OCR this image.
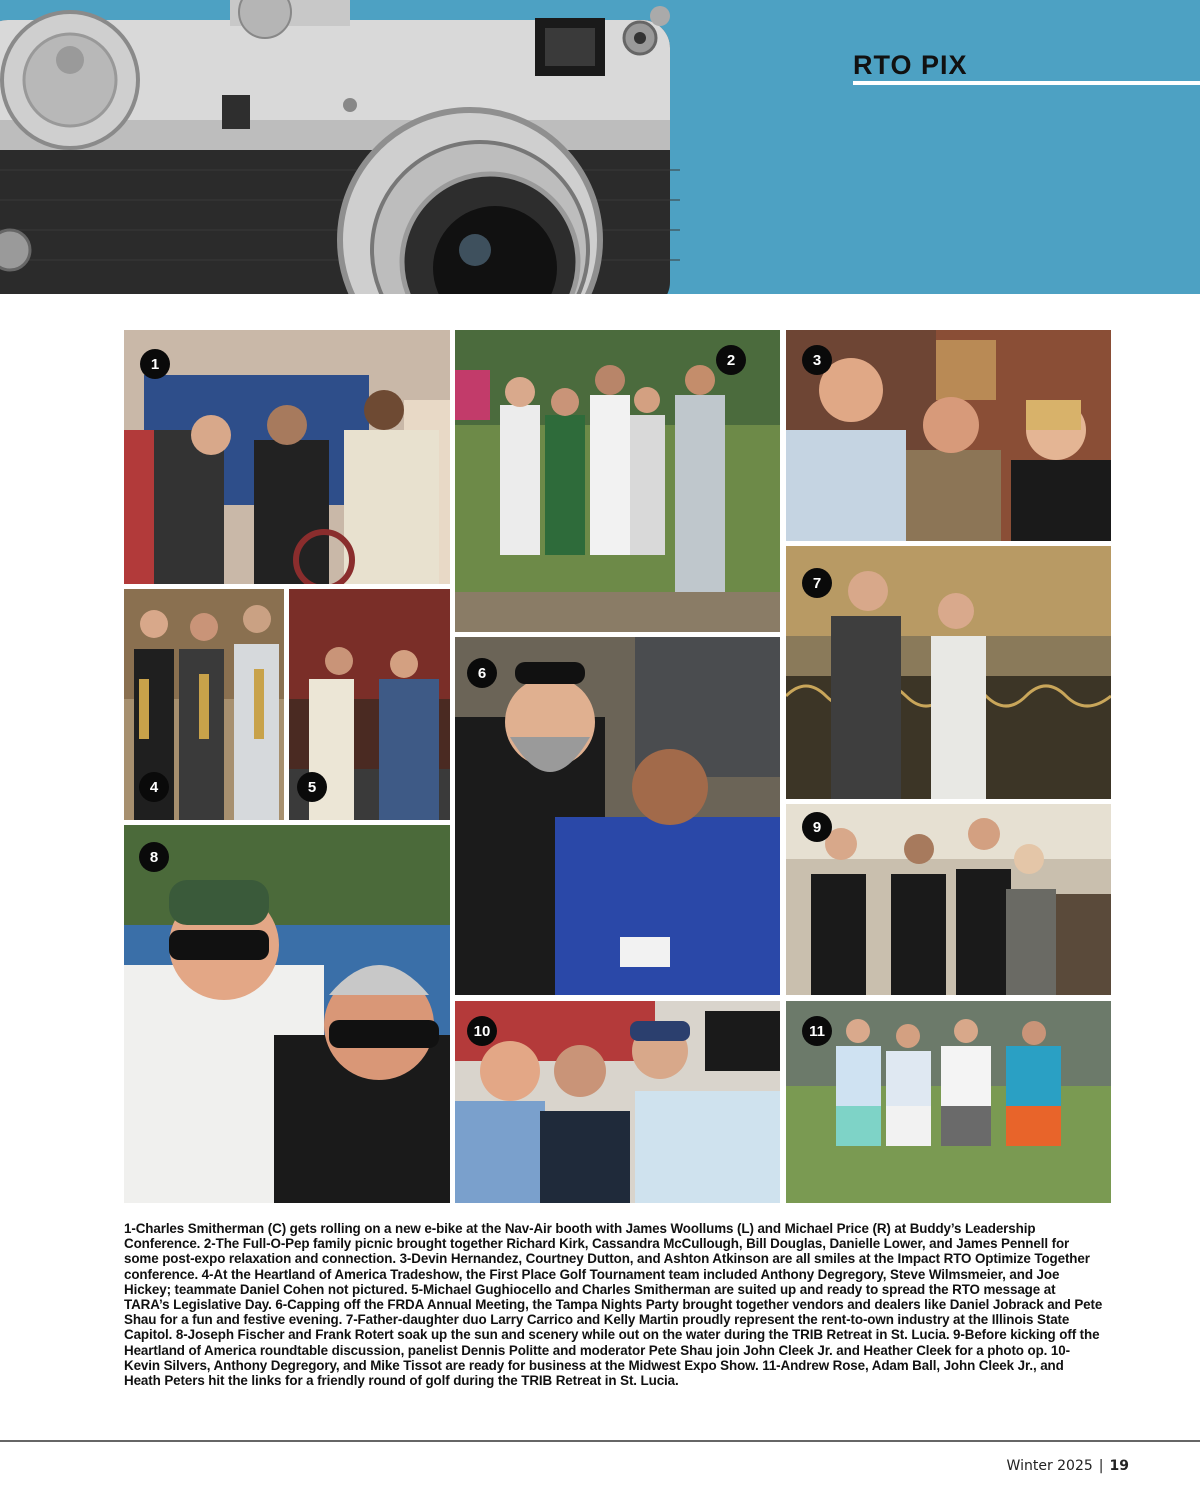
RTO PIX
1	2	3
4	5
6
7
8
9
10	11

1-Charles Smitherman (C) gets rolling on a new e-bike at the Nav-Air booth with James Woollums (L) and Michael Price (R) at Buddy’s Leadership Conference. 2-The Full-O-Pep family picnic brought together Richard Kirk, Cassandra McCullough, Bill Douglas, Danielle Lower, and James Pennell for some post-expo relaxation and connection. 3-Devin Hernandez, Courtney Dutton, and Ashton Atkinson are all smiles at the Impact RTO Optimize Together conference. 4-At the Heartland of America Tradeshow, the First Place Golf Tournament team included Anthony Degregory, Steve Wilmsmeier, and Joe Hickey; teammate Daniel Cohen not pictured. 5-Michael Gughiocello and Charles Smitherman are suited up and ready to spread the RTO message at TARA’s Legislative Day. 6-Capping off the FRDA Annual Meeting, the Tampa Nights Party brought together vendors and dealers like Daniel Jobrack and Pete Shau for a fun and festive evening. 7-Father-daughter duo Larry Carrico and Kelly Martin proudly represent the rent-to-own industry at the Illinois State Capitol. 8-Joseph Fischer and Frank Rotert soak up the sun and scenery while out on the water during the TRIB Retreat in St. Lucia. 9-Before kicking off the Heartland of America roundtable discussion, panelist Dennis Politte and moderator Pete Shau join John Cleek Jr. and Heather Cleek for a photo op. 10-Kevin Silvers, Anthony Degregory, and Mike Tissot are ready for business at the Midwest Expo Show. 11-Andrew Rose, Adam Ball, John Cleek Jr., and Heath Peters hit the links for a friendly round of golf during the TRIB Retreat in St. Lucia.

Winter 2025 | 19
